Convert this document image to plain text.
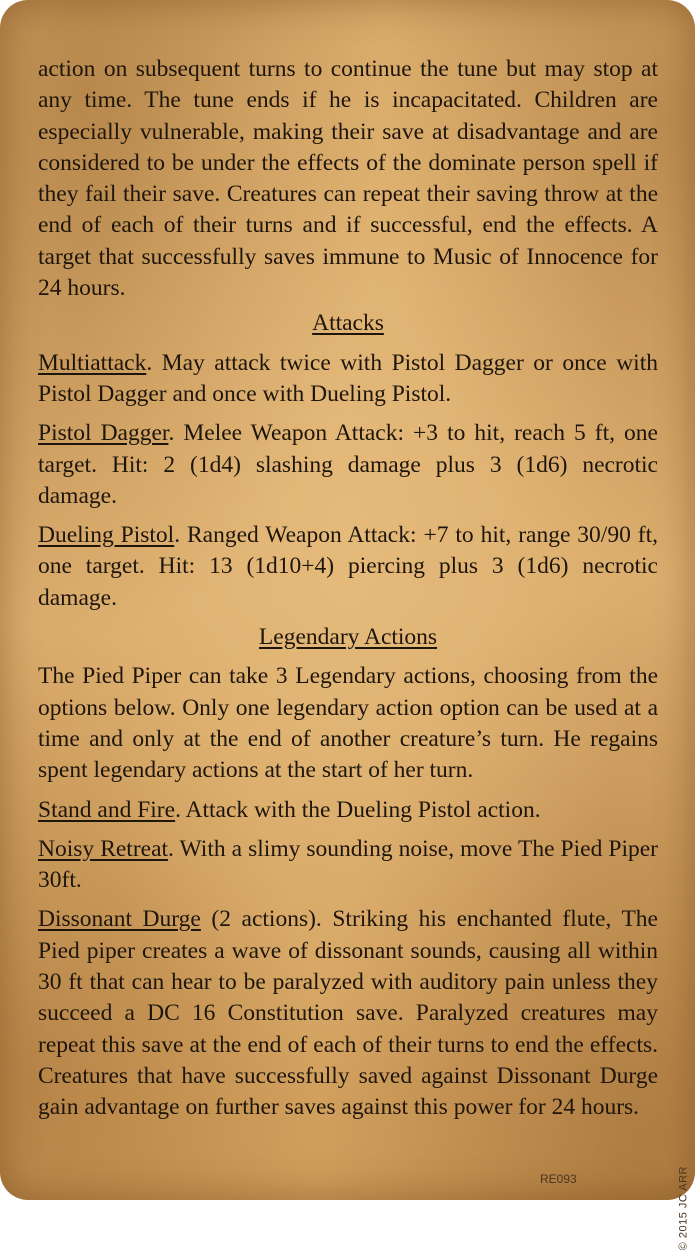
action on subsequent turns to continue the tune but may stop at any time. The tune ends if he is incapacitated. Children are especially vulnerable, making their save at disadvantage and are considered to be under the effects of the dominate person spell if they fail their save. Creatures can repeat their saving throw at the end of each of their turns and if successful, end the effects. A target that successfully saves immune to Music of Innocence for 24 hours.

Attacks

Multiattack. May attack twice with Pistol Dagger or once with Pistol Dagger and once with Dueling Pistol.

Pistol Dagger. Melee Weapon Attack: +3 to hit, reach 5 ft, one target. Hit: 2 (1d4) slashing damage plus 3 (1d6) necrotic damage.

Dueling Pistol. Ranged Weapon Attack: +7 to hit, range 30/90 ft, one target. Hit: 13 (1d10+4) piercing plus 3 (1d6) necrotic damage.

Legendary Actions

The Pied Piper can take 3 Legendary actions, choosing from the options below. Only one legendary action option can be used at a time and only at the end of another creature’s turn. He regains spent legendary actions at the start of her turn.

Stand and Fire. Attack with the Dueling Pistol action.

Noisy Retreat. With a slimy sounding noise, move The Pied Piper 30ft.

Dissonant Durge (2 actions). Striking his enchanted flute, The Pied piper creates a wave of dissonant sounds, causing all within 30 ft that can hear to be paralyzed with auditory pain unless they succeed a DC 16 Constitution save. Paralyzed creatures may repeat this save at the end of each of their turns to end the effects. Creatures that have successfully saved against Dissonant Durge gain advantage on further saves against this power for 24 hours.

© 2015 JC ARR
RE093
